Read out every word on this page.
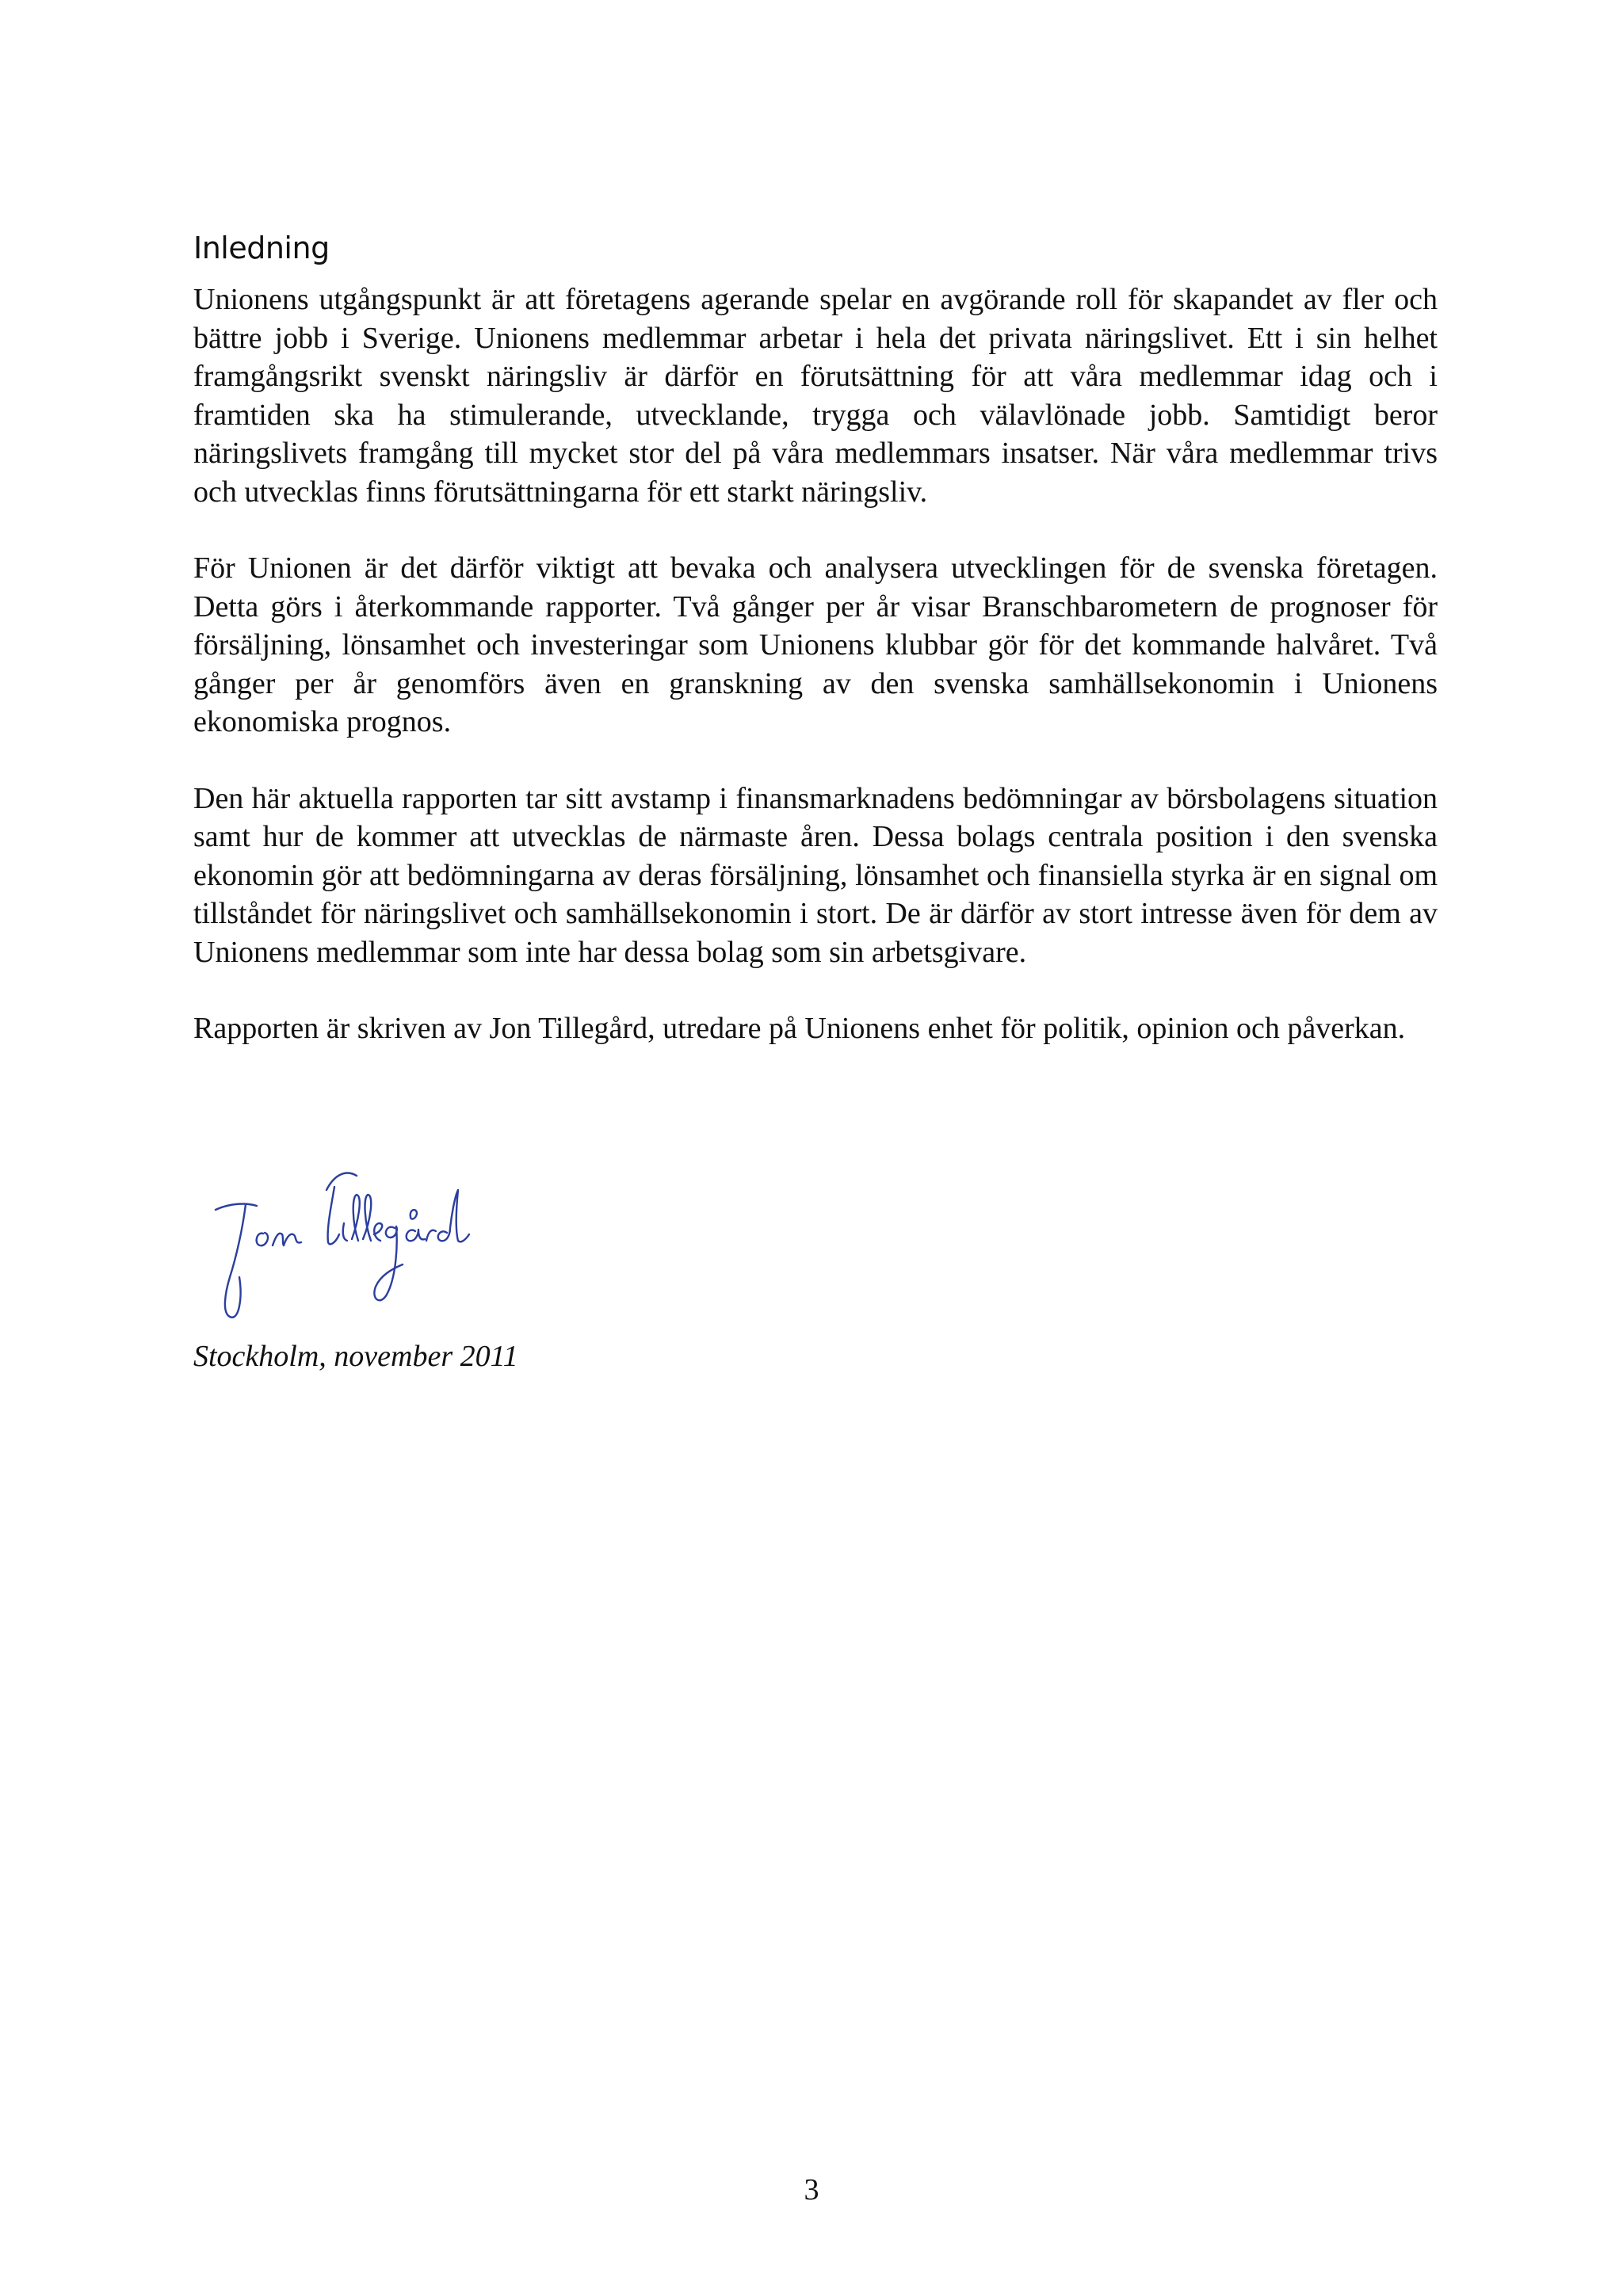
Inledning

Unionens utgångspunkt är att företagens agerande spelar en avgörande roll för skapandet av fler och bättre jobb i Sverige. Unionens medlemmar arbetar i hela det privata näringslivet. Ett i sin helhet framgångsrikt svenskt näringsliv är därför en förutsättning för att våra medlemmar idag och i framtiden ska ha stimulerande, utvecklande, trygga och välavlönade jobb. Samtidigt beror näringslivets framgång till mycket stor del på våra medlemmars insatser. När våra medlemmar trivs och utvecklas finns förutsättningarna för ett starkt näringsliv.

För Unionen är det därför viktigt att bevaka och analysera utvecklingen för de svenska företagen. Detta görs i återkommande rapporter. Två gånger per år visar Branschbarometern de prognoser för försäljning, lönsamhet och investeringar som Unionens klubbar gör för det kommande halvåret. Två gånger per år genomförs även en granskning av den svenska samhällsekonomin i Unionens ekonomiska prognos.

Den här aktuella rapporten tar sitt avstamp i finansmarknadens bedömningar av börsbolagens situation samt hur de kommer att utvecklas de närmaste åren. Dessa bolags centrala position i den svenska ekonomin gör att bedömningarna av deras försäljning, lönsamhet och finansiella styrka är en signal om tillståndet för näringslivet och samhällsekonomin i stort. De är därför av stort intresse även för dem av Unionens medlemmar som inte har dessa bolag som sin arbetsgivare.

Rapporten är skriven av Jon Tillegård, utredare på Unionens enhet för politik, opinion och påverkan.

Stockholm, november 2011
3
